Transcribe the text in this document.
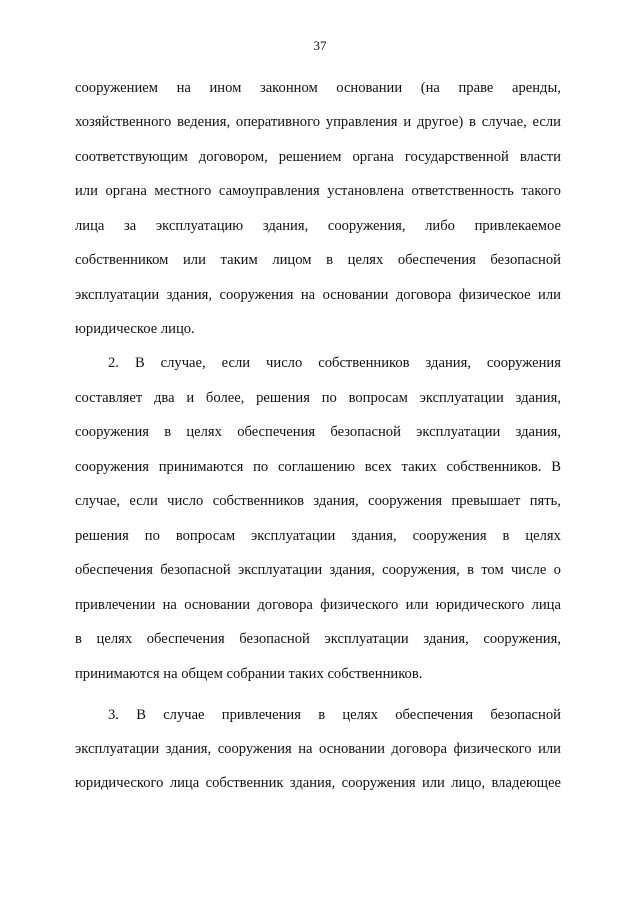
37
сооружением на ином законном основании (на праве аренды,
хозяйственного ведения, оперативного управления и другое) в случае, если
соответствующим договором, решением органа государственной власти
или органа местного самоуправления установлена ответственность такого
лица за эксплуатацию здания, сооружения, либо привлекаемое
собственником или таким лицом в целях обеспечения безопасной
эксплуатации здания, сооружения на основании договора физическое или
юридическое лицо.
2. В случае, если число собственников здания, сооружения
составляет два и более, решения по вопросам эксплуатации здания,
сооружения в целях обеспечения безопасной эксплуатации здания,
сооружения принимаются по соглашению всех таких собственников. В
случае, если число собственников здания, сооружения превышает пять,
решения по вопросам эксплуатации здания, сооружения в целях
обеспечения безопасной эксплуатации здания, сооружения, в том числе о
привлечении на основании договора физического или юридического лица
в целях обеспечения безопасной эксплуатации здания, сооружения,
принимаются на общем собрании таких собственников.
3. В случае привлечения в целях обеспечения безопасной
эксплуатации здания, сооружения на основании договора физического или
юридического лица собственник здания, сооружения или лицо, владеющее
